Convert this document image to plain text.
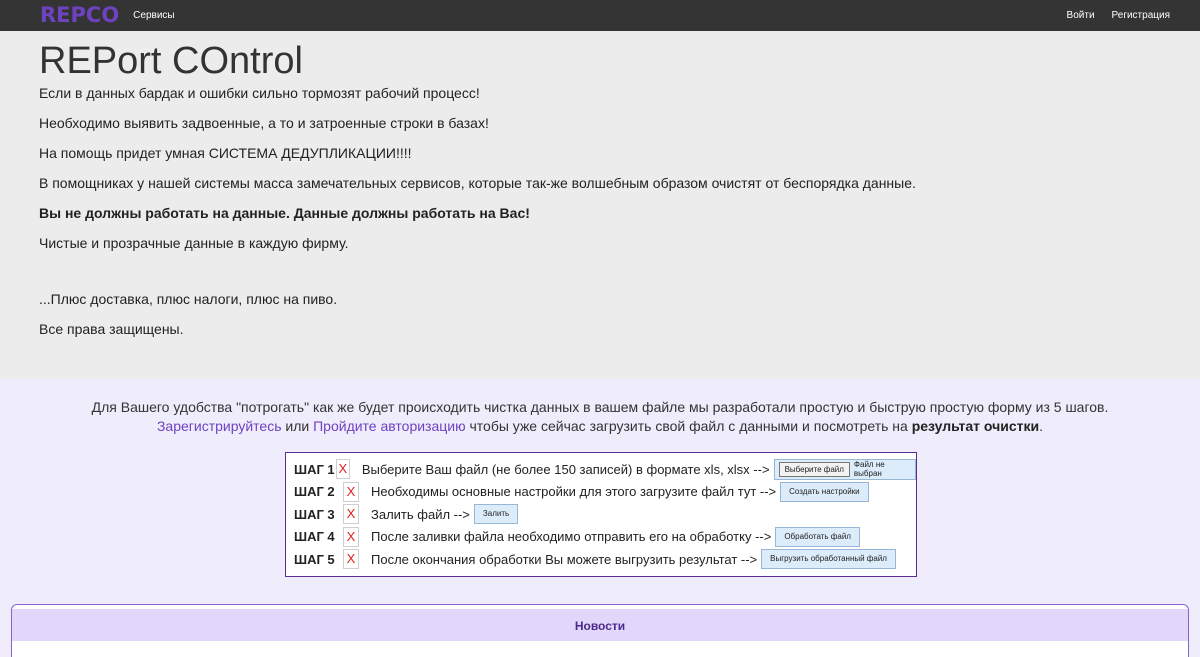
REPCO Сервисы	Войти Регистрация
REPort COntrol

Если в данных бардак и ошибки сильно тормозят рабочий процесс!

Необходимо выявить задвоенные, а то и затроенные строки в базах!

На помощь придет умная СИСТЕМА ДЕДУПЛИКАЦИИ!!!!

В помощниках у нашей системы масса замечательных сервисов, которые так-же волшебным образом очистят от беспорядка данные.

Вы не должны работать на данные. Данные должны работать на Вас!

Чистые и прозрачные данные в каждую фирму.

...Плюс доставка, плюс налоги, плюс на пиво.

Все права защищены.

Для Вашего удобства "потрогать" как же будет происходить чистка данных в вашем файле мы разработали простую и быструю простую форму из 5 шагов.
Зарегистрируйтесь или Пройдите авторизацию чтобы уже сейчас загрузить свой файл с данными и посмотреть на результат очистки.
ШАГ 1 X Выберите Ваш файл (не более 150 записей) в формате xls, xlsx -->	Выберите файл	Файл не выбран
ШАГ 2 X Необходимы основные настройки для этого загрузите файл тут -->	Создать настройки
ШАГ 3 X Залить файл -->	Залить
ШАГ 4 X После заливки файла необходимо отправить его на обработку -->	Обработать файл
ШАГ 5 X После окончания обработки Вы можете выгрузить результат -->	Выгрузить обработанный файл
Новости
